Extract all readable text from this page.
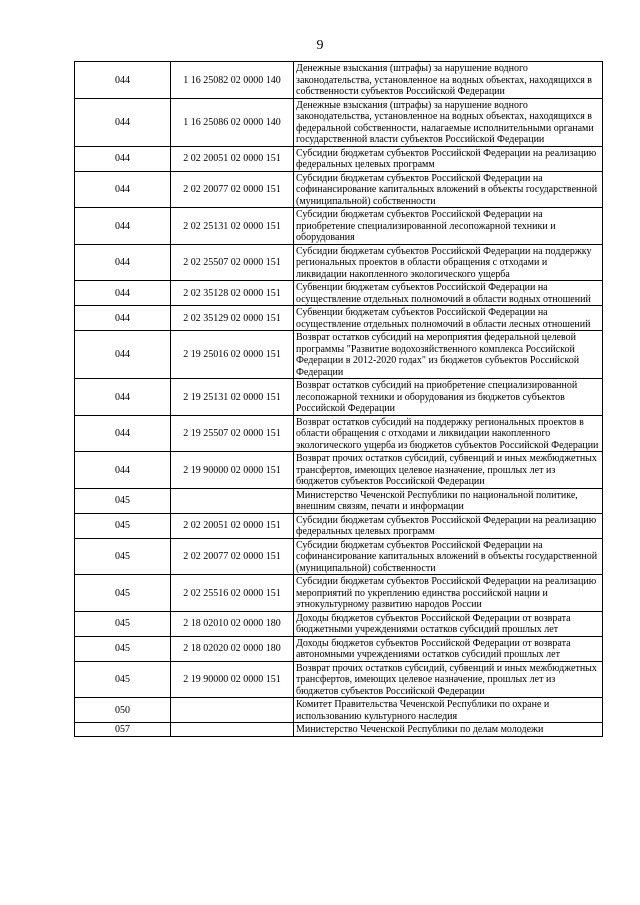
9
044	1 16 25082 02 0000 140	Денежные взыскания (штрафы) за нарушение водного законодательства, установленное на водных объектах, находящихся в собственности субъектов Российской Федерации
044	1 16 25086 02 0000 140	Денежные взыскания (штрафы) за нарушение водного законодательства, установленное на водных объектах, находящихся в федеральной собственности, налагаемые исполнительными органами государственной власти субъектов Российской Федерации
044	2 02 20051 02 0000 151	Субсидии бюджетам субъектов Российской Федерации на реализацию федеральных целевых программ
044	2 02 20077 02 0000 151	Субсидии бюджетам субъектов Российской Федерации на софинансирование капитальных вложений в объекты государственной (муниципальной) собственности
044	2 02 25131 02 0000 151	Субсидии бюджетам субъектов Российской Федерации на приобретение специализированной лесопожарной техники и оборудования
044	2 02 25507 02 0000 151	Субсидии бюджетам субъектов Российской Федерации на поддержку региональных проектов в области обращения с отходами и ликвидации накопленного экологического ущерба
044	2 02 35128 02 0000 151	Субвенции бюджетам субъектов Российской Федерации на осуществление отдельных полномочий в области водных отношений
044	2 02 35129 02 0000 151	Субвенции бюджетам субъектов Российской Федерации на осуществление отдельных полномочий в области лесных отношений
044	2 19 25016 02 0000 151	Возврат остатков субсидий на мероприятия федеральной целевой программы "Развитие водохозяйственного комплекса Российской Федерации в 2012-2020 годах" из бюджетов субъектов Российской Федерации
044	2 19 25131 02 0000 151	Возврат остатков субсидий на приобретение специализированной лесопожарной техники и оборудования из бюджетов субъектов Российской Федерации
044	2 19 25507 02 0000 151	Возврат остатков субсидий на поддержку региональных проектов в области обращения с отходами и ликвидации накопленного экологического ущерба из бюджетов субъектов Российской Федерации
044	2 19 90000 02 0000 151	Возврат прочих остатков субсидий, субвенций и иных межбюджетных трансфертов, имеющих целевое назначение, прошлых лет из бюджетов субъектов Российской Федерации
045		Министерство Чеченской Республики по национальной политике, внешним связям, печати и информации
045	2 02 20051 02 0000 151	Субсидии бюджетам субъектов Российской Федерации на реализацию федеральных целевых программ
045	2 02 20077 02 0000 151	Субсидии бюджетам субъектов Российской Федерации на софинансирование капитальных вложений в объекты государственной (муниципальной) собственности
045	2 02 25516 02 0000 151	Субсидии бюджетам субъектов Российской Федерации на реализацию мероприятий по укреплению единства российской нации и этнокультурному развитию народов России
045	2 18 02010 02 0000 180	Доходы бюджетов субъектов Российской Федерации от возврата бюджетными учреждениями остатков субсидий прошлых лет
045	2 18 02020 02 0000 180	Доходы бюджетов субъектов Российской Федерации от возврата автономными учреждениями остатков субсидий прошлых лет
045	2 19 90000 02 0000 151	Возврат прочих остатков субсидий, субвенций и иных межбюджетных трансфертов, имеющих целевое назначение, прошлых лет из бюджетов субъектов Российской Федерации
050		Комитет Правительства Чеченской Республики по охране и использованию культурного наследия
057		Министерство Чеченской Республики по делам молодежи
